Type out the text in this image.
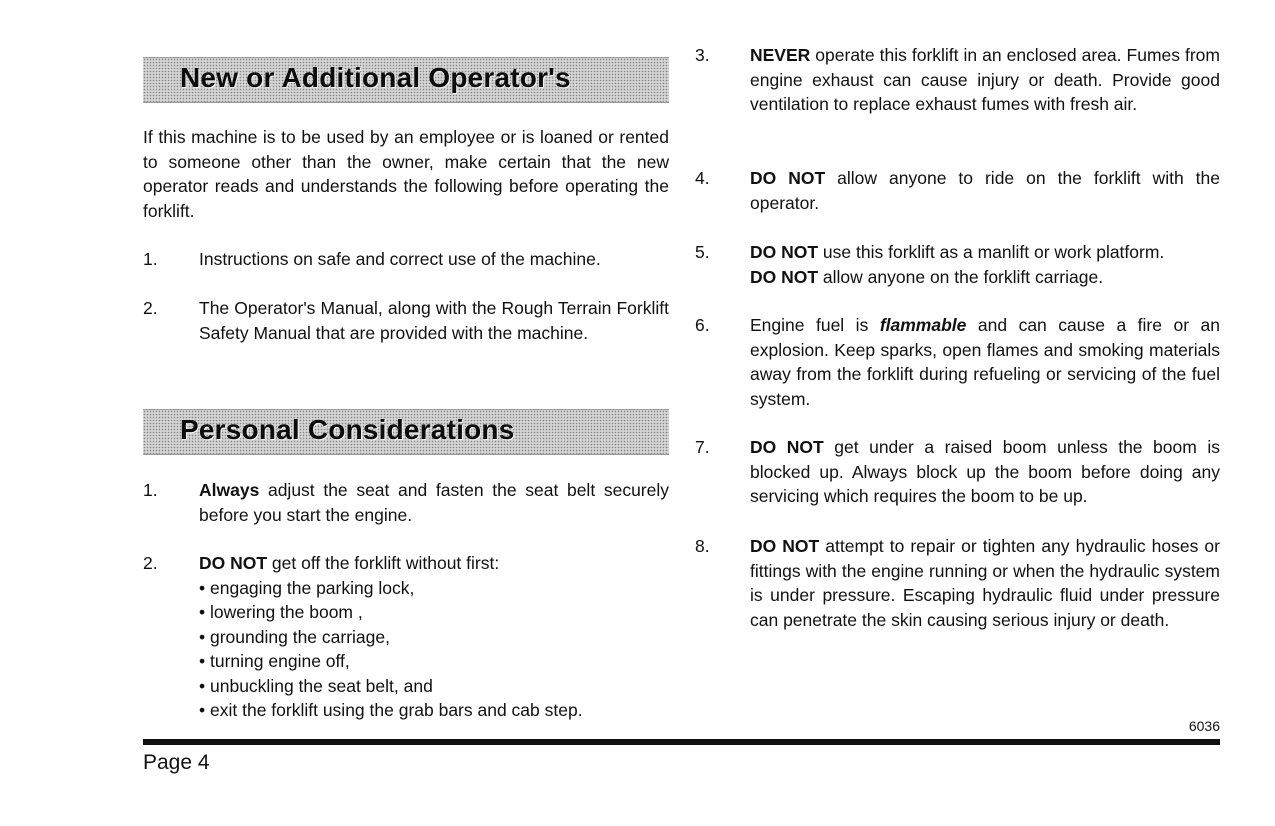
New or Additional Operator's
If this machine is to be used by an employee or is loaned or rented to someone other than the owner, make certain that the new operator reads and understands the following before operating the forklift.
1. Instructions on safe and correct use of the machine.
2. The Operator's Manual, along with the Rough Terrain Forklift Safety Manual that are provided with the machine.
Personal Considerations
1. Always adjust the seat and fasten the seat belt securely before you start the engine.
2. DO NOT get off the forklift without first:
• engaging the parking lock,
• lowering the boom ,
• grounding the carriage,
• turning engine off,
• unbuckling the seat belt, and
• exit the forklift using the grab bars and cab step.
3. NEVER operate this forklift in an enclosed area. Fumes from engine exhaust can cause injury or death. Provide good ventilation to replace exhaust fumes with fresh air.
4. DO NOT allow anyone to ride on the forklift with the operator.
5. DO NOT use this forklift as a manlift or work platform.
DO NOT allow anyone on the forklift carriage.
6. Engine fuel is flammable and can cause a fire or an explosion. Keep sparks, open flames and smoking materials away from the forklift during refueling or servicing of the fuel system.
7. DO NOT get under a raised boom unless the boom is blocked up. Always block up the boom before doing any servicing which requires the boom to be up.
8. DO NOT attempt to repair or tighten any hydraulic hoses or fittings with the engine running or when the hydraulic system is under pressure. Escaping hydraulic fluid under pressure can penetrate the skin causing serious injury or death.
6036
Page 4
